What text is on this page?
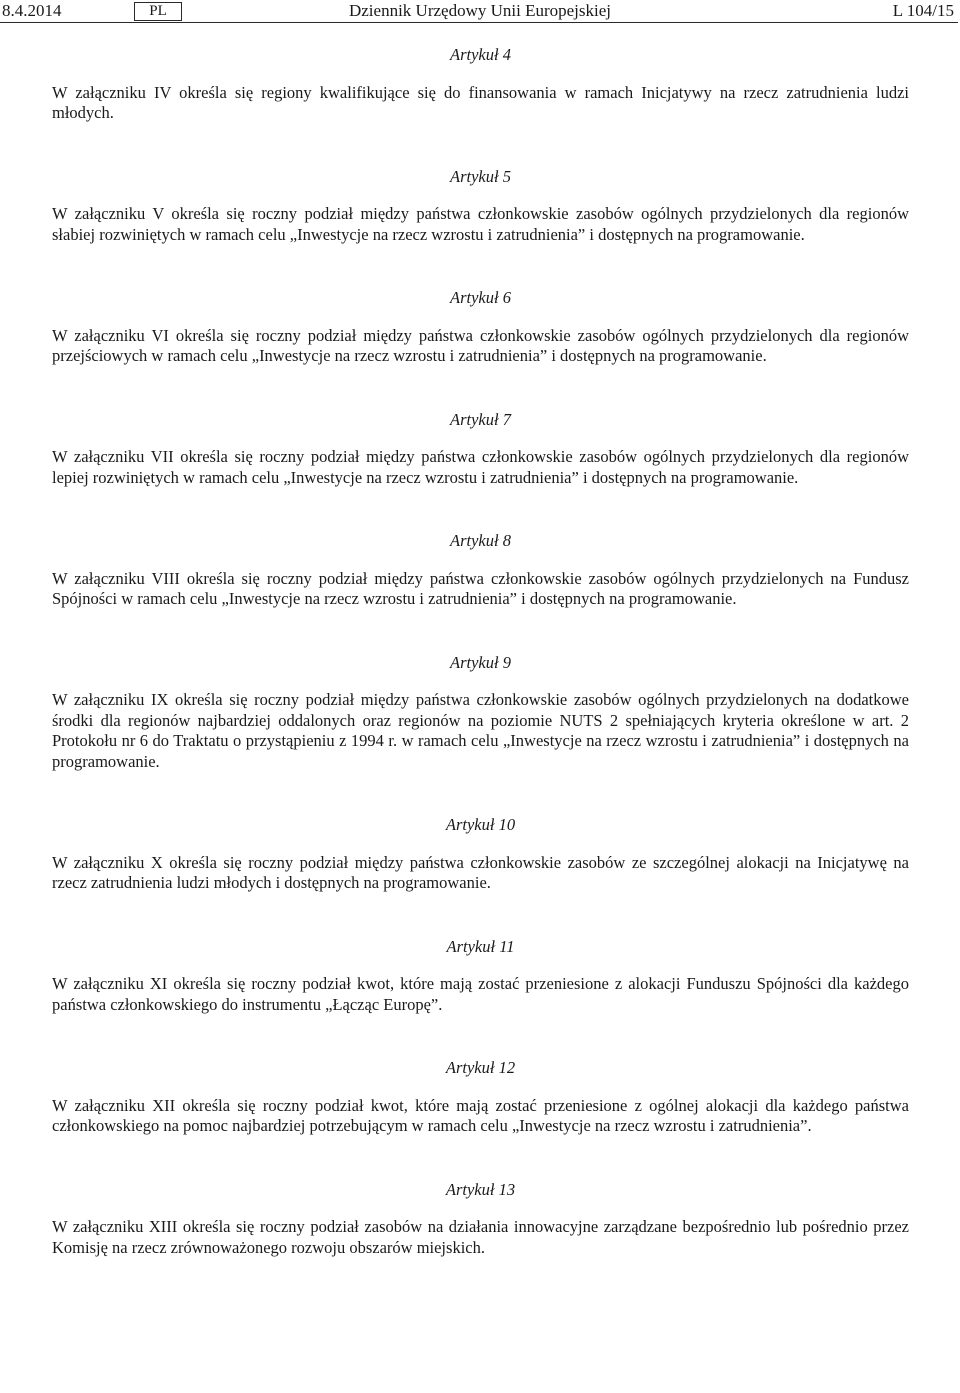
Dziennik Urzędowy Unii Europejskiej
8.4.2014	PL	L 104/15

Artykuł 4

W załączniku IV określa się regiony kwalifikujące się do finansowania w ramach Inicjatywy na rzecz zatrudnienia ludzi młodych.

Artykuł 5

W załączniku V określa się roczny podział między państwa członkowskie zasobów ogólnych przydzielonych dla regionów słabiej rozwiniętych w ramach celu „Inwestycje na rzecz wzrostu i zatrudnienia” i dostępnych na programowanie.

Artykuł 6

W załączniku VI określa się roczny podział między państwa członkowskie zasobów ogólnych przydzielonych dla regionów przejściowych w ramach celu „Inwestycje na rzecz wzrostu i zatrudnienia” i dostępnych na programowanie.

Artykuł 7

W załączniku VII określa się roczny podział między państwa członkowskie zasobów ogólnych przydzielonych dla regionów lepiej rozwiniętych w ramach celu „Inwestycje na rzecz wzrostu i zatrudnienia” i dostępnych na programowanie.

Artykuł 8

W załączniku VIII określa się roczny podział między państwa członkowskie zasobów ogólnych przydzielonych na Fundusz Spójności w ramach celu „Inwestycje na rzecz wzrostu i zatrudnienia” i dostępnych na programowanie.

Artykuł 9

W załączniku IX określa się roczny podział między państwa członkowskie zasobów ogólnych przydzielonych na dodatkowe środki dla regionów najbardziej oddalonych oraz regionów na poziomie NUTS 2 spełniających kryteria określone w art. 2 Protokołu nr 6 do Traktatu o przystąpieniu z 1994 r. w ramach celu „Inwestycje na rzecz wzrostu i zatrudnienia” i dostępnych na programowanie.

Artykuł 10

W załączniku X określa się roczny podział między państwa członkowskie zasobów ze szczególnej alokacji na Inicjatywę na rzecz zatrudnienia ludzi młodych i dostępnych na programowanie.

Artykuł 11

W załączniku XI określa się roczny podział kwot, które mają zostać przeniesione z alokacji Funduszu Spójności dla każdego państwa członkowskiego do instrumentu „Łącząc Europę”.

Artykuł 12

W załączniku XII określa się roczny podział kwot, które mają zostać przeniesione z ogólnej alokacji dla każdego państwa członkowskiego na pomoc najbardziej potrzebującym w ramach celu „Inwestycje na rzecz wzrostu i zatrudnienia”.

Artykuł 13

W załączniku XIII określa się roczny podział zasobów na działania innowacyjne zarządzane bezpośrednio lub pośrednio przez Komisję na rzecz zrównoważonego rozwoju obszarów miejskich.
